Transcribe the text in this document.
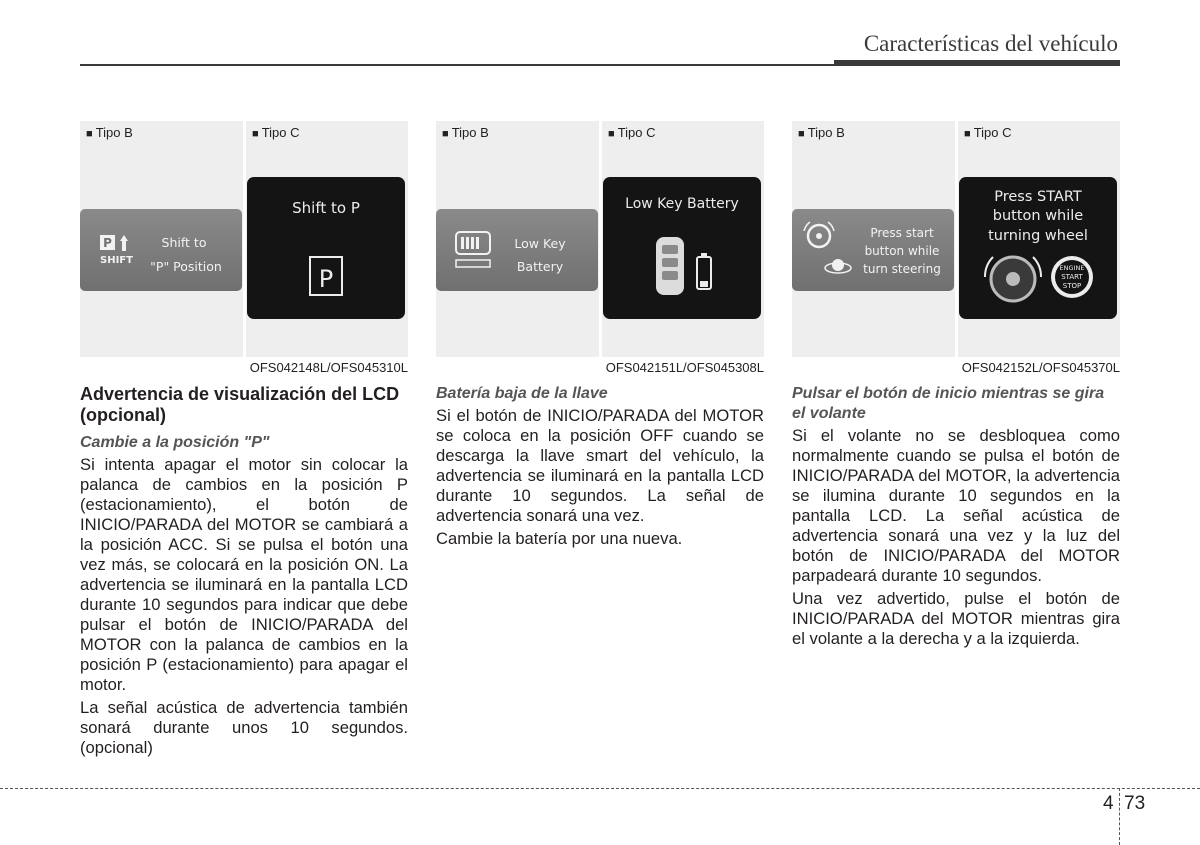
Características del vehículo
■ Tipo B	■ Tipo C
P
SHIFT
Shift to
"P" Position
Shift to P
P
OFS042148L/OFS045310L
■ Tipo B	■ Tipo C
Low Key
Battery
Low Key Battery
OFS042151L/OFS045308L
■ Tipo B	■ Tipo C
Press start
button while
turn steering
Press START
button while
turning wheel
ENGINE
START
STOP
OFS042152L/OFS045370L
Advertencia de visualización del LCD (opcional)
Cambie a la posición "P"

Si intenta apagar el motor sin colocar la palanca de cambios en la posición P (estacionamiento), el botón de INICIO/PARADA del MOTOR se cambiará a la posición ACC. Si se pulsa el botón una vez más, se colocará en la posición ON. La advertencia se iluminará en la pantalla LCD durante 10 segundos para indicar que debe pulsar el botón de INICIO/PARADA del MOTOR con la palanca de cambios en la posición P (estacionamiento) para apagar el motor.

La señal acústica de advertencia también sonará durante unos 10 segundos. (opcional)

Batería baja de la llave

Si el botón de INICIO/PARADA del MOTOR se coloca en la posición OFF cuando se descarga la llave smart del vehículo, la advertencia se iluminará en la pantalla LCD durante 10 segundos. La señal de advertencia sonará una vez.

Cambie la batería por una nueva.

Pulsar el botón de inicio mientras se gira el volante

Si el volante no se desbloquea como normalmente cuando se pulsa el botón de INICIO/PARADA del MOTOR, la advertencia se ilumina durante 10 segundos en la pantalla LCD. La señal acústica de advertencia sonará una vez y la luz del botón de INICIO/PARADA del MOTOR parpadeará durante 10 segundos.

Una vez advertido, pulse el botón de INICIO/PARADA del MOTOR mientras gira el volante a la derecha y a la izquierda.

4 73
